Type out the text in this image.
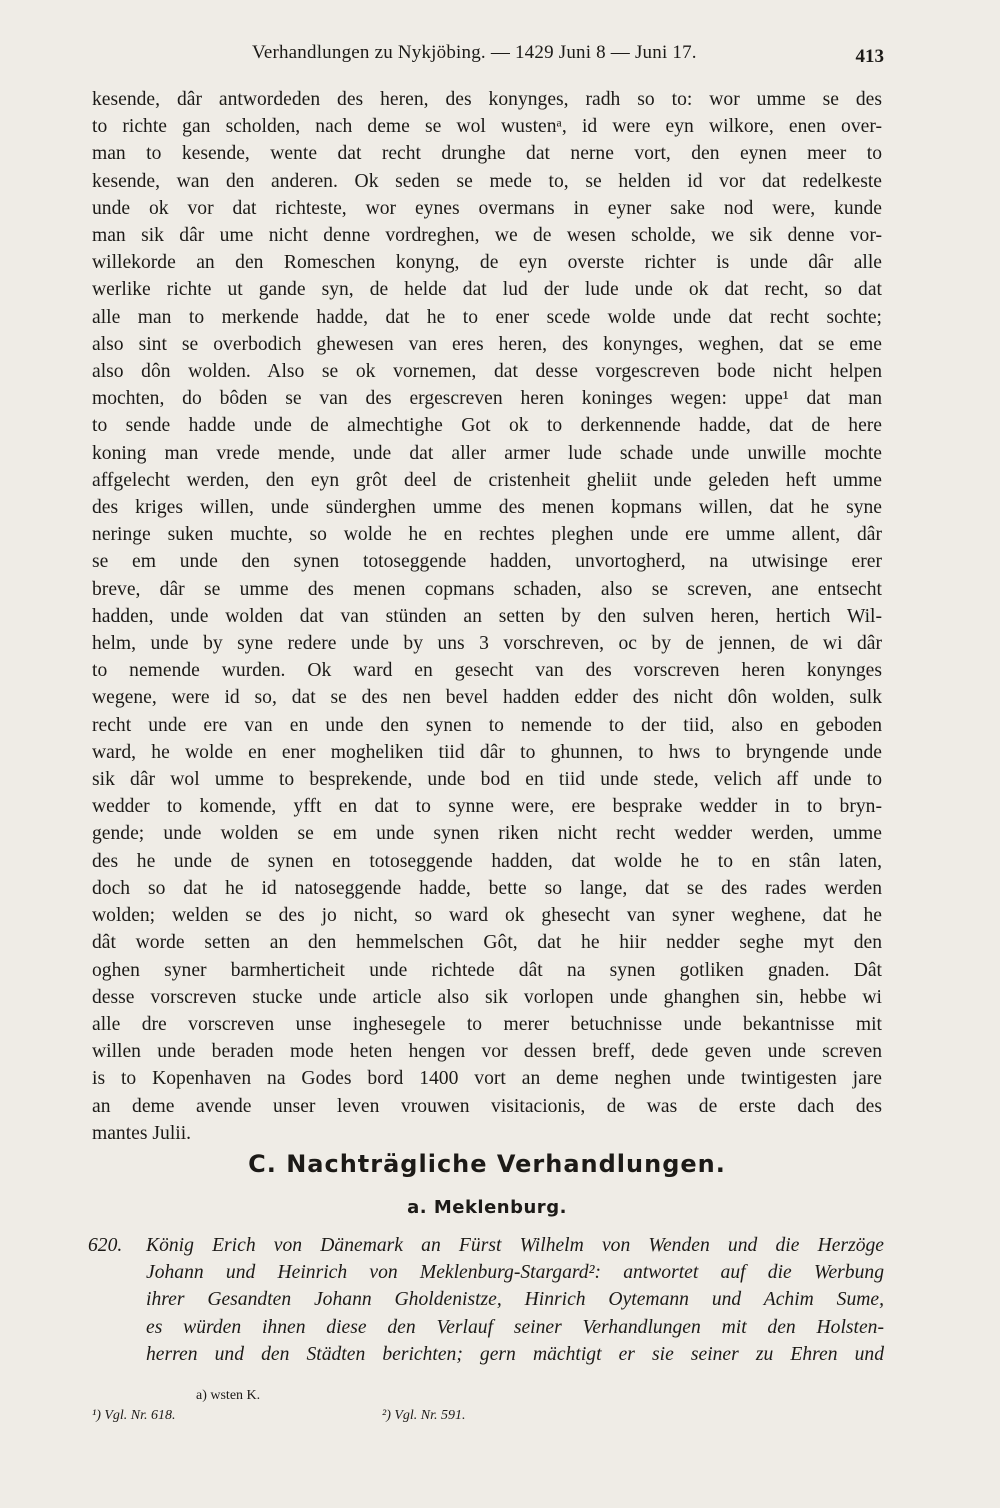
Verhandlungen zu Nykjöbing. — 1429 Juni 8 — Juni 17.	413
kesende, dâr antwordeden des heren, des konynges, radh so to: wor umme se des
to richte gan scholden, nach deme se wol wustenᵃ, id were eyn wilkore, enen over-
man to kesende, wente dat recht drunghe dat nerne vort, den eynen meer to
kesende, wan den anderen. Ok seden se mede to, se helden id vor dat redelkeste
unde ok vor dat richteste, wor eynes overmans in eyner sake nod were, kunde
man sik dâr ume nicht denne vordreghen, we de wesen scholde, we sik denne vor-
willekorde an den Romeschen konyng, de eyn overste richter is unde dâr alle
werlike richte ut gande syn, de helde dat lud der lude unde ok dat recht, so dat
alle man to merkende hadde, dat he to ener scede wolde unde dat recht sochte;
also sint se overbodich ghewesen van eres heren, des konynges, weghen, dat se eme
also dôn wolden. Also se ok vornemen, dat desse vorgescreven bode nicht helpen
mochten, do bôden se van des ergescreven heren koninges wegen: uppe¹ dat man
to sende hadde unde de almechtighe Got ok to derkennende hadde, dat de here
koning man vrede mende, unde dat aller armer lude schade unde unwille mochte
affgelecht werden, den eyn grôt deel de cristenheit gheliit unde geleden heft umme
des kriges willen, unde sünderghen umme des menen kopmans willen, dat he syne
neringe suken muchte, so wolde he en rechtes pleghen unde ere umme allent, dâr
se em unde den synen totoseggende hadden, unvortogherd, na utwisinge erer
breve, dâr se umme des menen copmans schaden, also se screven, ane entsecht
hadden, unde wolden dat van stünden an setten by den sulven heren, hertich Wil-
helm, unde by syne redere unde by uns 3 vorschreven, oc by de jennen, de wi dâr
to nemende wurden. Ok ward en gesecht van des vorscreven heren konynges
wegene, were id so, dat se des nen bevel hadden edder des nicht dôn wolden, sulk
recht unde ere van en unde den synen to nemende to der tiid, also en geboden
ward, he wolde en ener mogheliken tiid dâr to ghunnen, to hws to bryngende unde
sik dâr wol umme to besprekende, unde bod en tiid unde stede, velich aff unde to
wedder to komende, yfft en dat to synne were, ere besprake wedder in to bryn-
gende; unde wolden se em unde synen riken nicht recht wedder werden, umme
des he unde de synen en totoseggende hadden, dat wolde he to en stân laten,
doch so dat he id natoseggende hadde, bette so lange, dat se des rades werden
wolden; welden se des jo nicht, so ward ok ghesecht van syner weghene, dat he
dât worde setten an den hemmelschen Gôt, dat he hiir nedder seghe myt den
oghen syner barmherticheit unde richtede dât na synen gotliken gnaden. Dât
desse vorscreven stucke unde article also sik vorlopen unde ghanghen sin, hebbe wi
alle dre vorscreven unse inghesegele to merer betuchnisse unde bekantnisse mit
willen unde beraden mode heten hengen vor dessen breff, dede geven unde screven
is to Kopenhaven na Godes bord 1400 vort an deme neghen unde twintigesten jare
an deme avende unser leven vrouwen visitacionis, de was de erste dach des
mantes Julii.
C. Nachträgliche Verhandlungen.
a. Meklenburg.
620. König Erich von Dänemark an Fürst Wilhelm von Wenden und die Herzöge
Johann und Heinrich von Meklenburg-Stargard²: antwortet auf die Werbung
ihrer Gesandten Johann Gholdenistze, Hinrich Oytemann und Achim Sume,
es würden ihnen diese den Verlauf seiner Verhandlungen mit den Holsten-
herren und den Städten berichten; gern mächtigt er sie seiner zu Ehren und
a) wsten K.
¹) Vgl. Nr. 618.	²) Vgl. Nr. 591.
